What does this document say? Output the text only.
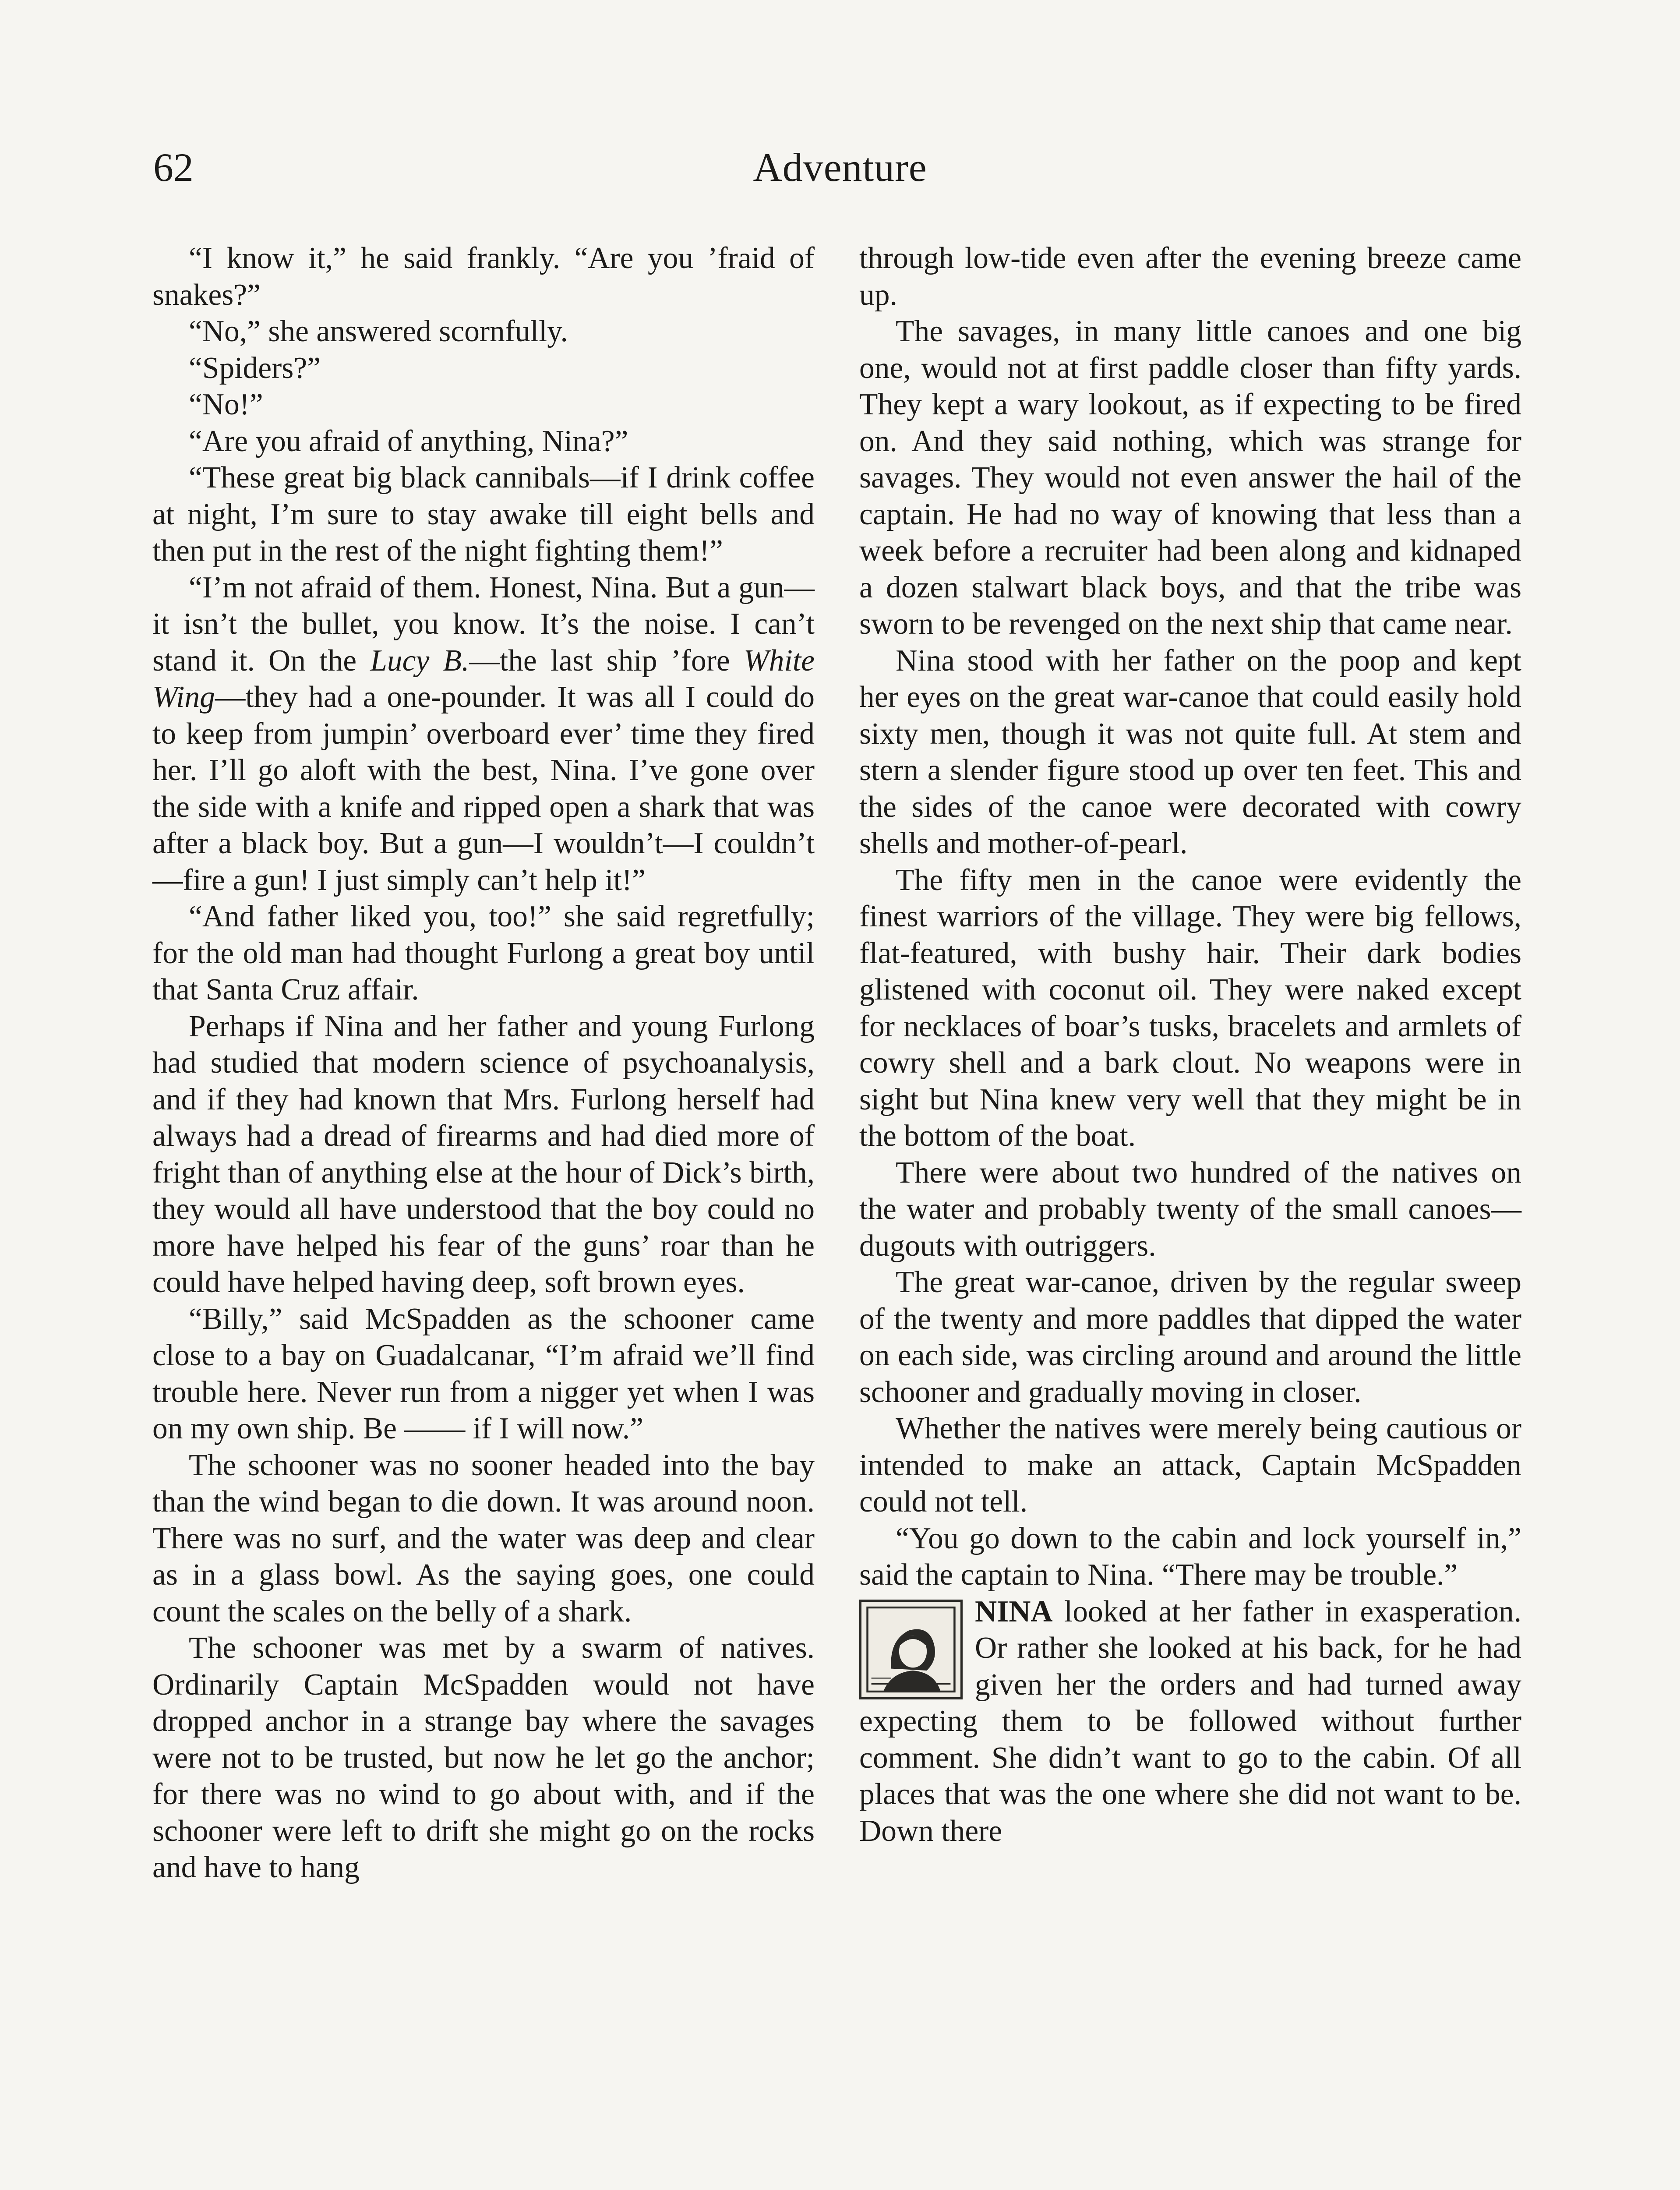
62	Adventure

“I know it,” he said frankly. “Are you ’fraid of snakes?”

“No,” she answered scornfully.

“Spiders?”

“No!”

“Are you afraid of anything, Nina?”

“These great big black cannibals—if I drink coffee at night, I’m sure to stay awake till eight bells and then put in the rest of the night fighting them!”

“I’m not afraid of them. Honest, Nina. But a gun—it isn’t the bullet, you know. It’s the noise. I can’t stand it. On the Lucy B.—the last ship ’fore White Wing—they had a one-pounder. It was all I could do to keep from jumpin’ overboard ever’ time they fired her. I’ll go aloft with the best, Nina. I’ve gone over the side with a knife and ripped open a shark that was after a black boy. But a gun—I wouldn’t—I couldn’t—fire a gun! I just simply can’t help it!”

“And father liked you, too!” she said regretfully; for the old man had thought Furlong a great boy until that Santa Cruz affair.

Perhaps if Nina and her father and young Furlong had studied that modern science of psychoanalysis, and if they had known that Mrs. Furlong herself had always had a dread of firearms and had died more of fright than of anything else at the hour of Dick’s birth, they would all have understood that the boy could no more have helped his fear of the guns’ roar than he could have helped having deep, soft brown eyes.

“Billy,” said McSpadden as the schooner came close to a bay on Guadalcanar, “I’m afraid we’ll find trouble here. Never run from a nigger yet when I was on my own ship. Be —— if I will now.”

The schooner was no sooner headed into the bay than the wind began to die down. It was around noon. There was no surf, and the water was deep and clear as in a glass bowl. As the saying goes, one could count the scales on the belly of a shark.

The schooner was met by a swarm of natives. Ordinarily Captain McSpadden would not have dropped anchor in a strange bay where the savages were not to be trusted, but now he let go the anchor; for there was no wind to go about with, and if the schooner were left to drift she might go on the rocks and have to hang

through low-tide even after the evening breeze came up.

The savages, in many little canoes and one big one, would not at first paddle closer than fifty yards. They kept a wary lookout, as if expecting to be fired on. And they said nothing, which was strange for savages. They would not even answer the hail of the captain. He had no way of knowing that less than a week before a recruiter had been along and kidnaped a dozen stalwart black boys, and that the tribe was sworn to be revenged on the next ship that came near.

Nina stood with her father on the poop and kept her eyes on the great war-canoe that could easily hold sixty men, though it was not quite full. At stem and stern a slender figure stood up over ten feet. This and the sides of the canoe were decorated with cowry shells and mother-of-pearl.

The fifty men in the canoe were evidently the finest warriors of the village. They were big fellows, flat-featured, with bushy hair. Their dark bodies glistened with coconut oil. They were naked except for necklaces of boar’s tusks, bracelets and armlets of cowry shell and a bark clout. No weapons were in sight but Nina knew very well that they might be in the bottom of the boat.

There were about two hundred of the natives on the water and probably twenty of the small canoes—dugouts with outriggers.

The great war-canoe, driven by the regular sweep of the twenty and more paddles that dipped the water on each side, was circling around and around the little schooner and gradually moving in closer.

Whether the natives were merely being cautious or intended to make an attack, Captain McSpadden could not tell.

“You go down to the cabin and lock yourself in,” said the captain to Nina. “There may be trouble.”

NINA looked at her father in exasperation. Or rather she looked at his back, for he had given her the orders and had turned away expecting them to be followed without further comment. She didn’t want to go to the cabin. Of all places that was the one where she did not want to be. Down there
